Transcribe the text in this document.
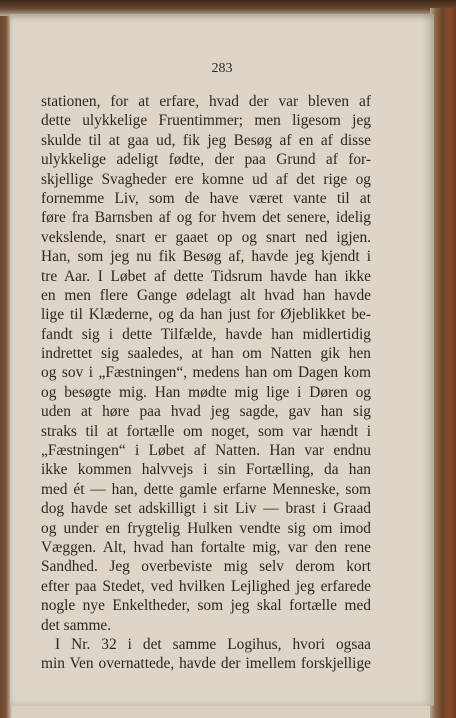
283
stationen, for at erfare, hvad der var bleven af
dette ulykkelige Fruentimmer; men ligesom jeg
skulde til at gaa ud, fik jeg Besøg af en af disse
ulykkelige adeligt fødte, der paa Grund af for-
skjellige Svagheder ere komne ud af det rige og
fornemme Liv, som de have været vante til at
føre fra Barnsben af og for hvem det senere, idelig
vekslende, snart er gaaet op og snart ned igjen.
Han, som jeg nu fik Besøg af, havde jeg kjendt i
tre Aar. I Løbet af dette Tidsrum havde han ikke
en men flere Gange ødelagt alt hvad han havde
lige til Klæderne, og da han just for Øjeblikket be-
fandt sig i dette Tilfælde, havde han midlertidig
indrettet sig saaledes, at han om Natten gik hen
og sov i „Fæstningen“, medens han om Dagen kom
og besøgte mig. Han mødte mig lige i Døren og
uden at høre paa hvad jeg sagde, gav han sig
straks til at fortælle om noget, som var hændt i
„Fæstningen“ i Løbet af Natten. Han var endnu
ikke kommen halvvejs i sin Fortælling, da han
med ét — han, dette gamle erfarne Menneske, som
dog havde set adskilligt i sit Liv — brast i Graad
og under en frygtelig Hulken vendte sig om imod
Væggen. Alt, hvad han fortalte mig, var den rene
Sandhed. Jeg overbeviste mig selv derom kort
efter paa Stedet, ved hvilken Lejlighed jeg erfarede
nogle nye Enkeltheder, som jeg skal fortælle med
det samme.
I Nr. 32 i det samme Logihus, hvori ogsaa
min Ven overnattede, havde der imellem forskjellige
